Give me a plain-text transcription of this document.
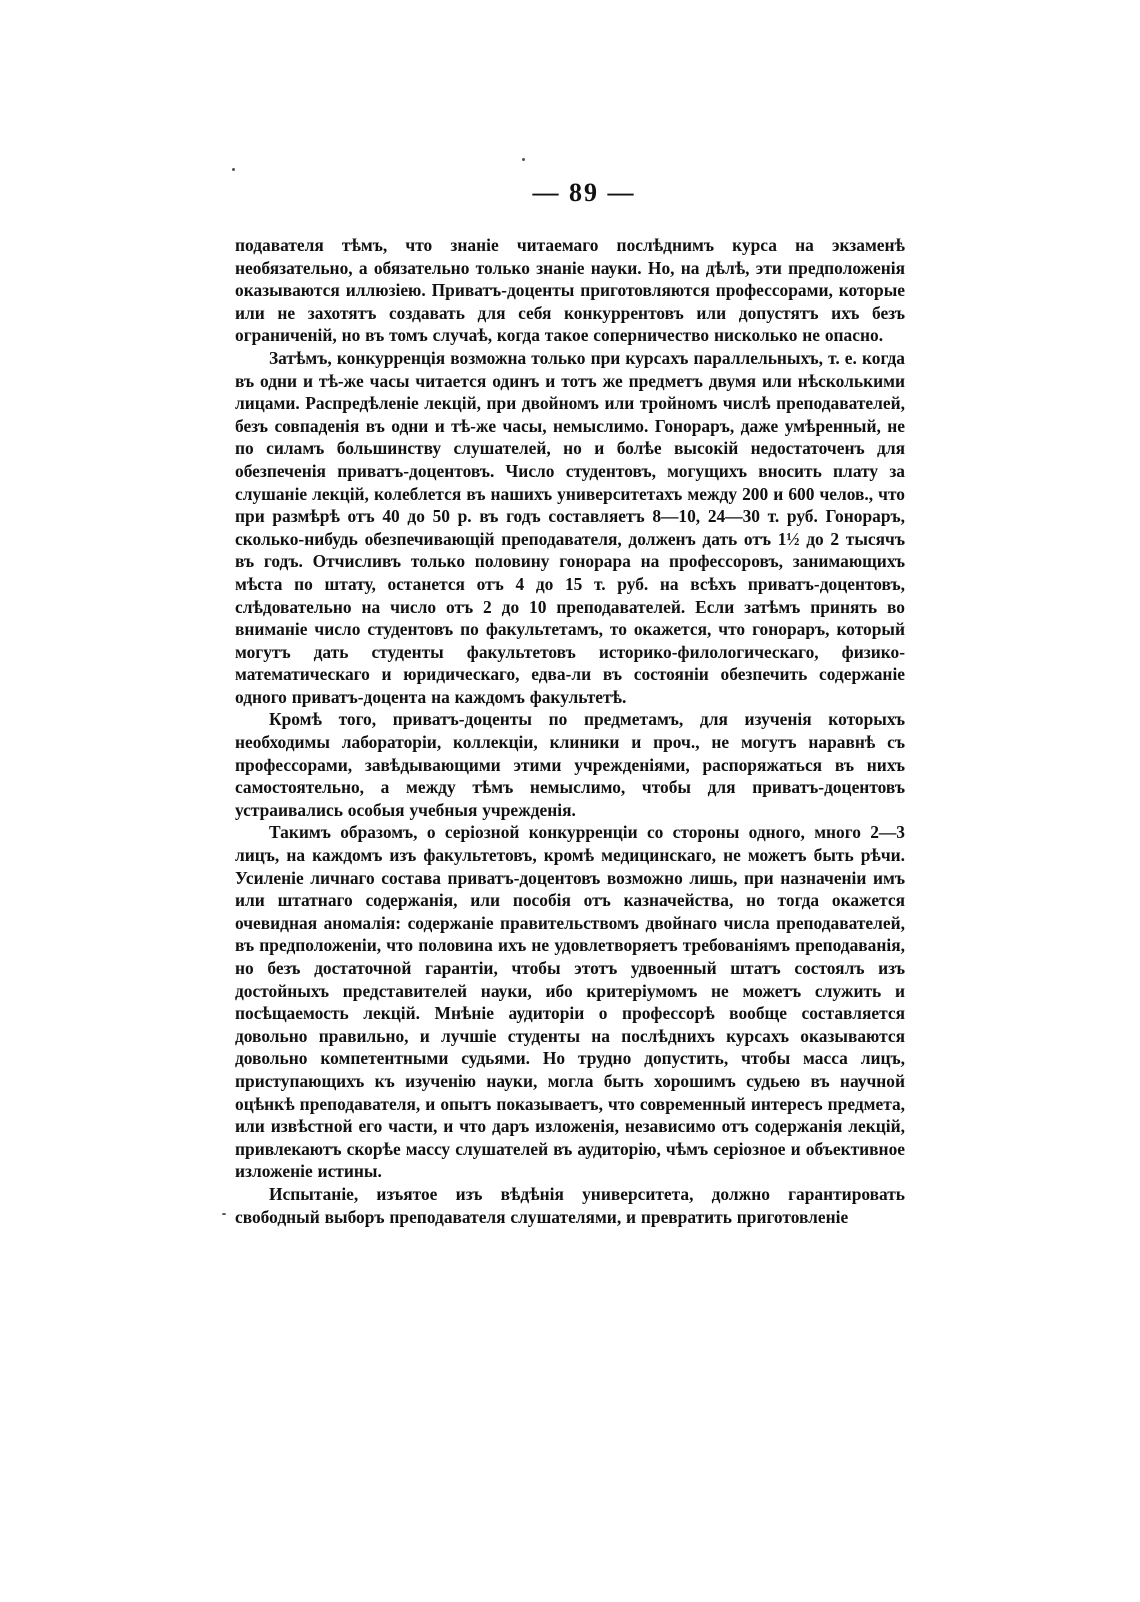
— 89 —

подавателя тѣмъ, что знаніе читаемаго послѣднимъ курса на экзаменѣ необязательно, а обязательно только знаніе науки. Но, на дѣлѣ, эти предположенія оказываются иллюзіею. Приватъ-доценты приготовляются профессорами, которые или не захотятъ создавать для себя конкуррентовъ или допустятъ ихъ безъ ограниченій, но въ томъ случаѣ, когда такое соперничество нисколько не опасно.

Затѣмъ, конкурренція возможна только при курсахъ параллельныхъ, т. е. когда въ одни и тѣ-же часы читается одинъ и тотъ же предметъ двумя или нѣсколькими лицами. Распредѣленіе лекцій, при двойномъ или тройномъ числѣ преподавателей, безъ совпаденія въ одни и тѣ-же часы, немыслимо. Гонораръ, даже умѣренный, не по силамъ большинству слушателей, но и болѣе высокій недостаточенъ для обезпеченія приватъ-доцентовъ. Число студентовъ, могущихъ вносить плату за слушаніе лекцій, колеблется въ нашихъ университетахъ между 200 и 600 челов., что при размѣрѣ отъ 40 до 50 р. въ годъ составляетъ 8—10, 24—30 т. руб. Гонораръ, сколько-нибудь обезпечивающій преподавателя, долженъ дать отъ 1½ до 2 тысячъ въ годъ. Отчисливъ только половину гонорара на профессоровъ, занимающихъ мѣста по штату, останется отъ 4 до 15 т. руб. на всѣхъ приватъ-доцентовъ, слѣдовательно на число отъ 2 до 10 преподавателей. Если затѣмъ принять во вниманіе число студентовъ по факультетамъ, то окажется, что гонораръ, который могутъ дать студенты факультетовъ историко-филологическаго, физико-математическаго и юридическаго, едва-ли въ состояніи обезпечить содержаніе одного приватъ-доцента на каждомъ факультетѣ.

Кромѣ того, приватъ-доценты по предметамъ, для изученія которыхъ необходимы лабораторіи, коллекціи, клиники и проч., не могутъ наравнѣ съ профессорами, завѣдывающими этими учрежденіями, распоряжаться въ нихъ самостоятельно, а между тѣмъ немыслимо, чтобы для приватъ-доцентовъ устраивались особыя учебныя учрежденія.

Такимъ образомъ, о серіозной конкурренціи со стороны одного, много 2—3 лицъ, на каждомъ изъ факультетовъ, кромѣ медицинскаго, не можетъ быть рѣчи. Усиленіе личнаго состава приватъ-доцентовъ возможно лишь, при назначеніи имъ или штатнаго содержанія, или пособія отъ казначейства, но тогда окажется очевидная аномалія: содержаніе правительствомъ двойнаго числа преподавателей, въ предположеніи, что половина ихъ не удовлетворяетъ требованіямъ преподаванія, но безъ достаточной гарантіи, чтобы этотъ удвоенный штатъ состоялъ изъ достойныхъ представителей науки, ибо критеріумомъ не можетъ служить и посѣщаемость лекцій. Мнѣніе аудиторіи о профессорѣ вообще составляется довольно правильно, и лучшіе студенты на послѣднихъ курсахъ оказываются довольно компетентными судьями. Но трудно допустить, чтобы масса лицъ, приступающихъ къ изученію науки, могла быть хорошимъ судьею въ научной оцѣнкѣ преподавателя, и опытъ показываетъ, что современный интересъ предмета, или извѣстной его части, и что даръ изложенія, независимо отъ содержанія лекцій, привлекаютъ скорѣе массу слушателей въ аудиторію, чѣмъ серіозное и объективное изложеніе истины.

Испытаніе, изъятое изъ вѣдѣнія университета, должно гарантировать свободный выборъ преподавателя слушателями, и превратить приготовленіе
